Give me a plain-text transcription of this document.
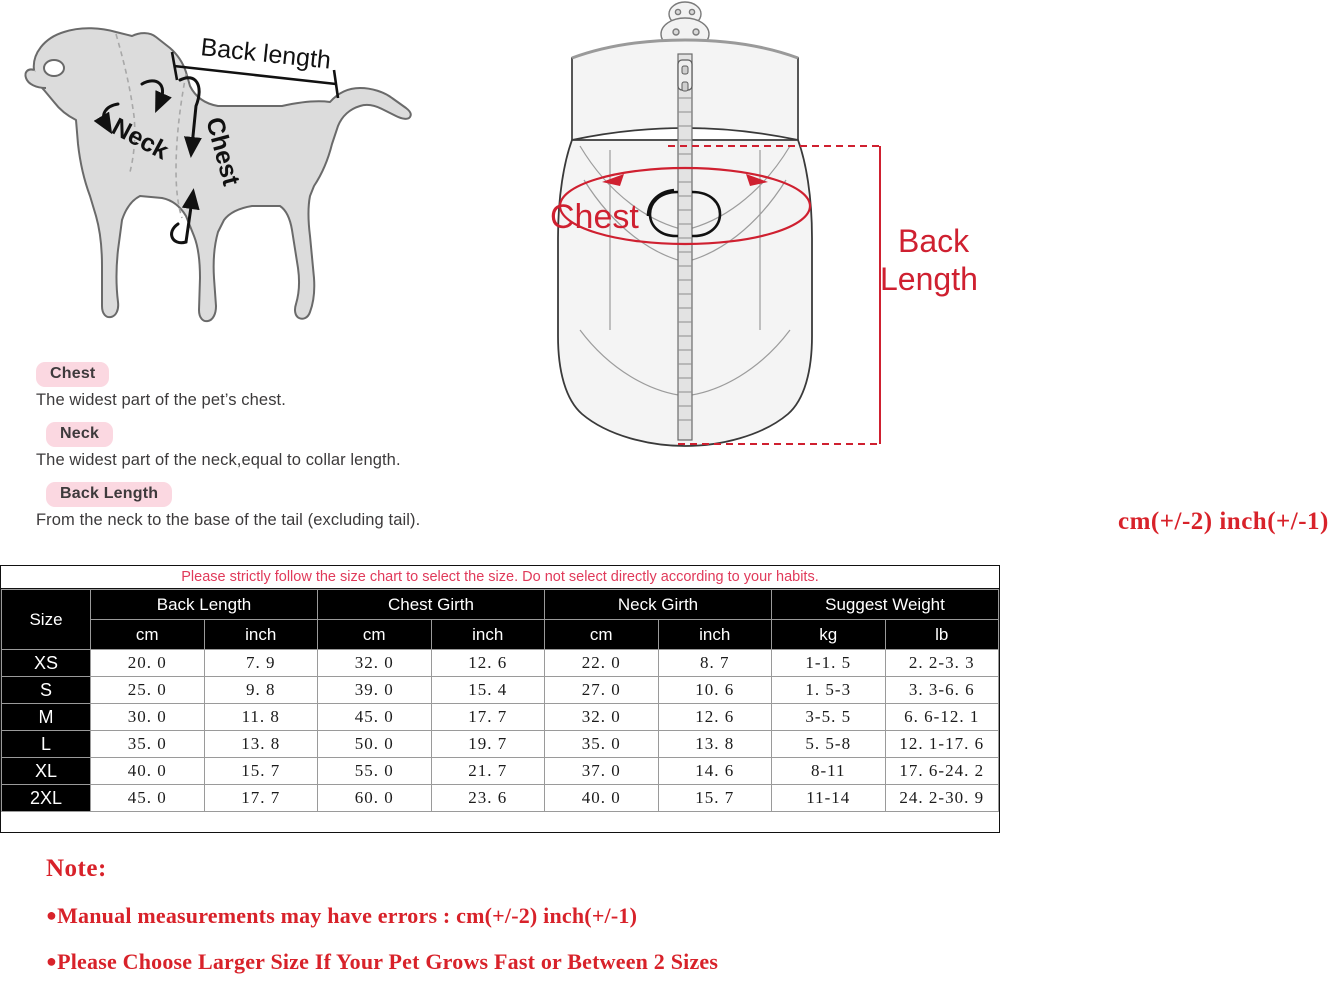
Back length
Neck Chest
Chest
Back
Length
cm(+/-2) inch(+/-1)
Chest
The widest part of the pet’s chest.
Neck
The widest part of the neck,equal to collar length.
Back Length
From the neck to the base of the tail (excluding tail).
Please strictly follow the size chart to select the size. Do not select directly according to your habits.
Size	Back Length		Chest Girth		Neck Girth		Suggest Weight	
	cm	inch	cm	inch	cm	inch	kg	lb
XS	20. 0	7. 9	32. 0	12. 6	22. 0	8. 7	1-1. 5	2. 2-3. 3
S	25. 0	9. 8	39. 0	15. 4	27. 0	10. 6	1. 5-3	3. 3-6. 6
M	30. 0	11. 8	45. 0	17. 7	32. 0	12. 6	3-5. 5	6. 6-12. 1
L	35. 0	13. 8	50. 0	19. 7	35. 0	13. 8	5. 5-8	12. 1-17. 6
XL	40. 0	15. 7	55. 0	21. 7	37. 0	14. 6	8-11	17. 6-24. 2
2XL	45. 0	17. 7	60. 0	23. 6	40. 0	15. 7	11-14	24. 2-30. 9
Note:
●Manual measurements may have errors : cm(+/-2) inch(+/-1)
●Please Choose Larger Size If Your Pet Grows Fast or Between 2 Sizes
